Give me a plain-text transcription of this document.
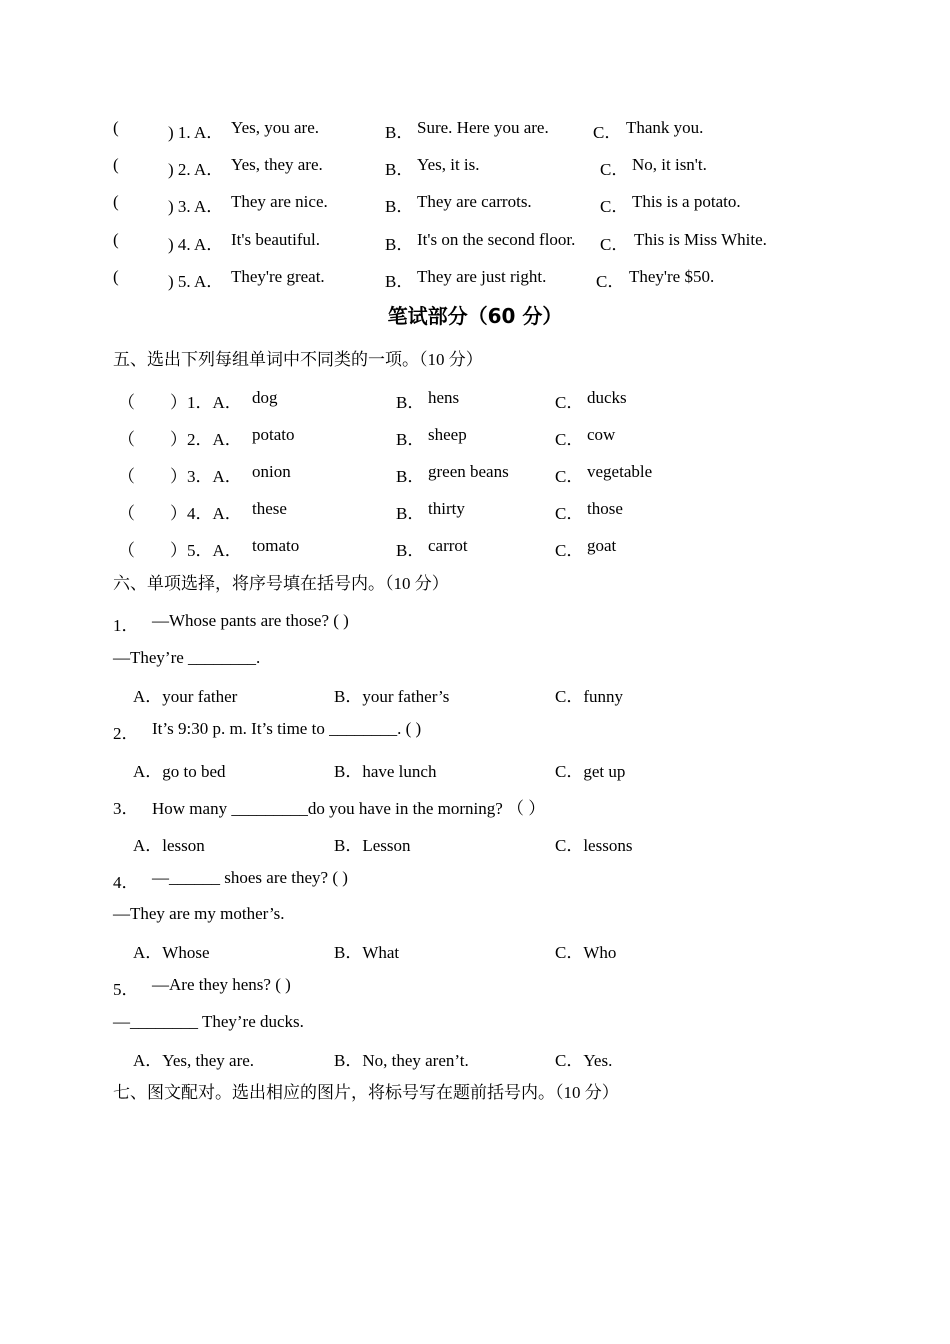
(	) 1. A． Yes, you are.	B． Sure. Here you are.	C． Thank you.
(	) 2. A． Yes, they are.	B． Yes, it is.	C． No, it isn't.
(	) 3. A． They are nice.	B． They are carrots.	C． This is a potato.
(	) 4. A． It's beautiful.	B． It's on the second floor. C． This is Miss White.
(	) 5. A． They're great.	B． They are just right.	C． They're $50.
笔试部分（60 分）
五、选出下列每组单词中不同类的一项。（10 分）
（ ）1．A． dog	B． hens	C． ducks
（ ）2．A． potato	B． sheep	C． cow
（ ）3．A． onion	B． green beans	C． vegetable
（ ）4．A． these	B． thirty	C． those
（ ）5．A． tomato	B． carrot	C． goat
六、单项选择，将序号填在括号内。（10 分）
1． —Whose pants are those? ( )
—They’re ________.
A．your father	B．your father’s	C．funny
2． It’s 9:30 p. m. It’s time to ________. ( )
A．go to bed	B．have lunch	C．get up
3． How many _________do you have in the morning? （ ）
A．lesson	B．Lesson	C．lessons
4． —______ shoes are they? ( )
—They are my mother’s.
A．Whose	B．What	C．Who
5． —Are they hens? ( )
—________ They’re ducks.
A．Yes, they are.	B．No, they aren’t.	C．Yes.
七、图文配对。选出相应的图片，将标号写在题前括号内。（10 分）
